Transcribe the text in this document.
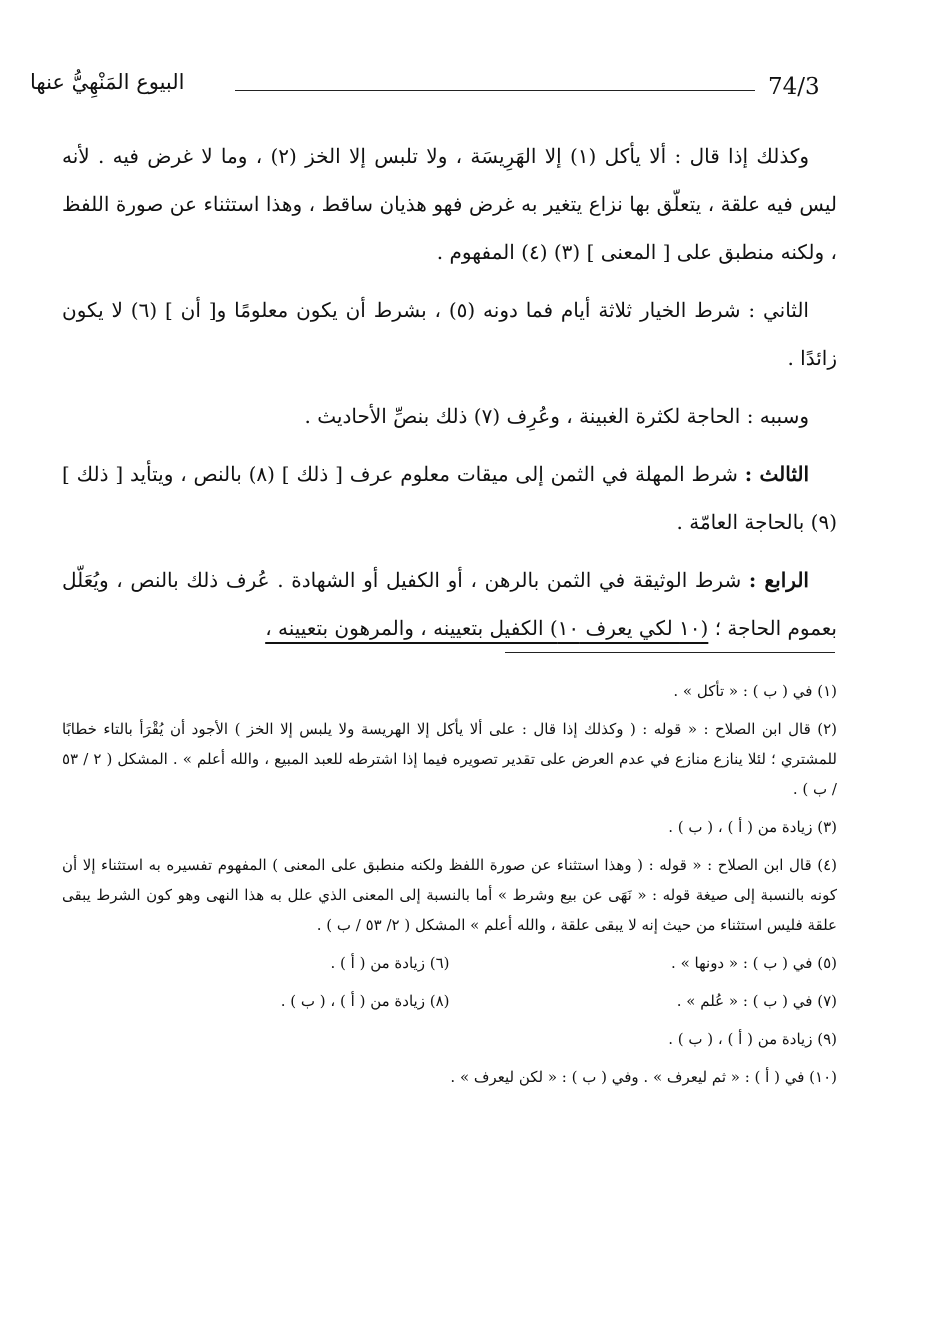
74/3
البيوع المَنْهِيُّ عنها

وكذلك إذا قال : ألا يأكل (١) إلا الهَرِيسَة ، ولا تلبس إلا الخز (٢) ، وما لا غرض فيه . لأنه ليس فيه علقة ، يتعلّق بها نزاع يتغير به غرض فهو هذيان ساقط ، وهذا استثناء عن صورة اللفظ ، ولكنه منطبق على [ المعنى ] (٣) (٤) المفهوم .

الثاني : شرط الخيار ثلاثة أيام فما دونه (٥) ، بشرط أن يكون معلومًا و[ أن ] (٦) لا يكون زائدًا .

وسببه : الحاجة لكثرة الغبينة ، وعُرِف (٧) ذلك بنصِّ الأحاديث .

الثالث : شرط المهلة في الثمن إلى ميقات معلوم عرف [ ذلك ] (٨) بالنص ، ويتأيد [ ذلك ] (٩) بالحاجة العامّة .

الرابع : شرط الوثيقة في الثمن بالرهن ، أو الكفيل أو الشهادة . عُرف ذلك بالنص ، ويُعَلّل بعموم الحاجة ؛ (١٠ لكي يعرف ١٠) الكفيل بتعيينه ، والمرهون بتعيينه ،

(١) في ( ب ) : « تأكل » .

(٢) قال ابن الصلاح : « قوله : ( وكذلك إذا قال : على ألا يأكل إلا الهريسة ولا يلبس إلا الخز ) الأجود أن يُقْرَأ بالتاء خطابًا للمشتري ؛ لئلا ينازع منازع في عدم العرض على تقدير تصويره فيما إذا اشترطه للعبد المبيع ، والله أعلم » . المشكل ( ٢ / ٥٣ / ب ) .

(٣) زيادة من ( أ ) ، ( ب ) .

(٤) قال ابن الصلاح : « قوله : ( وهذا استثناء عن صورة اللفظ ولكنه منطبق على المعنى ) المفهوم تفسيره به استثناء إلا أن كونه بالنسبة إلى صيغة قوله : « نَهَى عن بيع وشرط » أما بالنسبة إلى المعنى الذي علل به هذا النهى وهو كون الشرط يبقى علقة فليس استثناء من حيث إنه لا يبقى علقة ، والله أعلم » المشكل ( ٢/ ٥٣ / ب ) .

(٥) في ( ب ) : « دونها » .

(٦) زيادة من ( أ ) .

(٧) في ( ب ) : « عُلم » .

(٨) زيادة من ( أ ) ، ( ب ) .

(٩) زيادة من ( أ ) ، ( ب ) .

(١٠) في ( أ ) : « ثم ليعرف » . وفي ( ب ) : « لكن ليعرف » .
